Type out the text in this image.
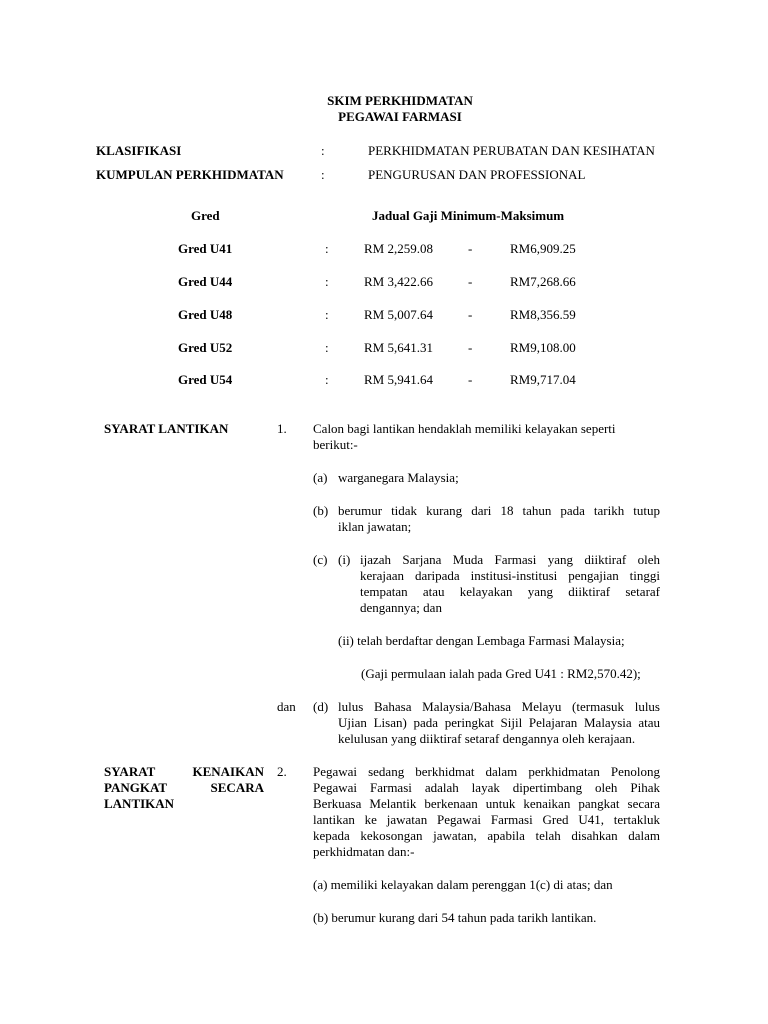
SKIM PERKHIDMATAN
PEGAWAI FARMASI
KLASIFIKASI	:	PERKHIDMATAN PERUBATAN DAN KESIHATAN
KUMPULAN PERKHIDMATAN	:	PENGURUSAN DAN PROFESSIONAL
Gred	Jadual Gaji Minimum-Maksimum
Gred U41	:	RM 2,259.08	-	RM6,909.25
Gred U44	:	RM 3,422.66	-	RM7,268.66
Gred U48	:	RM 5,007.64	-	RM8,356.59
Gred U52	:	RM 5,641.31	-	RM9,108.00
Gred U54	:	RM 5,941.64	-	RM9,717.04
SYARAT LANTIKAN	1. Calon bagi lantikan hendaklah memiliki kelayakan seperti
berikut:-
(a) warganegara Malaysia;
(b) berumur tidak kurang dari 18 tahun pada tarikh tutup
iklan jawatan;
(c) (i) ijazah Sarjana Muda Farmasi yang diiktiraf oleh
kerajaan daripada institusi-institusi pengajian tinggi
tempatan atau kelayakan yang diiktiraf setaraf
dengannya; dan
(ii) telah berdaftar dengan Lembaga Farmasi Malaysia;
(Gaji permulaan ialah pada Gred U41 : RM2,570.42);
dan (d) lulus Bahasa Malaysia/Bahasa Melayu (termasuk lulus
Ujian Lisan) pada peringkat Sijil Pelajaran Malaysia atau
kelulusan yang diiktiraf setaraf dengannya oleh kerajaan.
SYARAT	KENAIKAN
PANGKAT	SECARA
LANTIKAN
2. Pegawai sedang berkhidmat dalam perkhidmatan Penolong
Pegawai Farmasi adalah layak dipertimbang oleh Pihak
Berkuasa Melantik berkenaan untuk kenaikan pangkat secara
lantikan ke jawatan Pegawai Farmasi Gred U41, tertakluk
kepada kekosongan jawatan, apabila telah disahkan dalam
perkhidmatan dan:-
(a) memiliki kelayakan dalam perenggan 1(c) di atas; dan
(b) berumur kurang dari 54 tahun pada tarikh lantikan.
